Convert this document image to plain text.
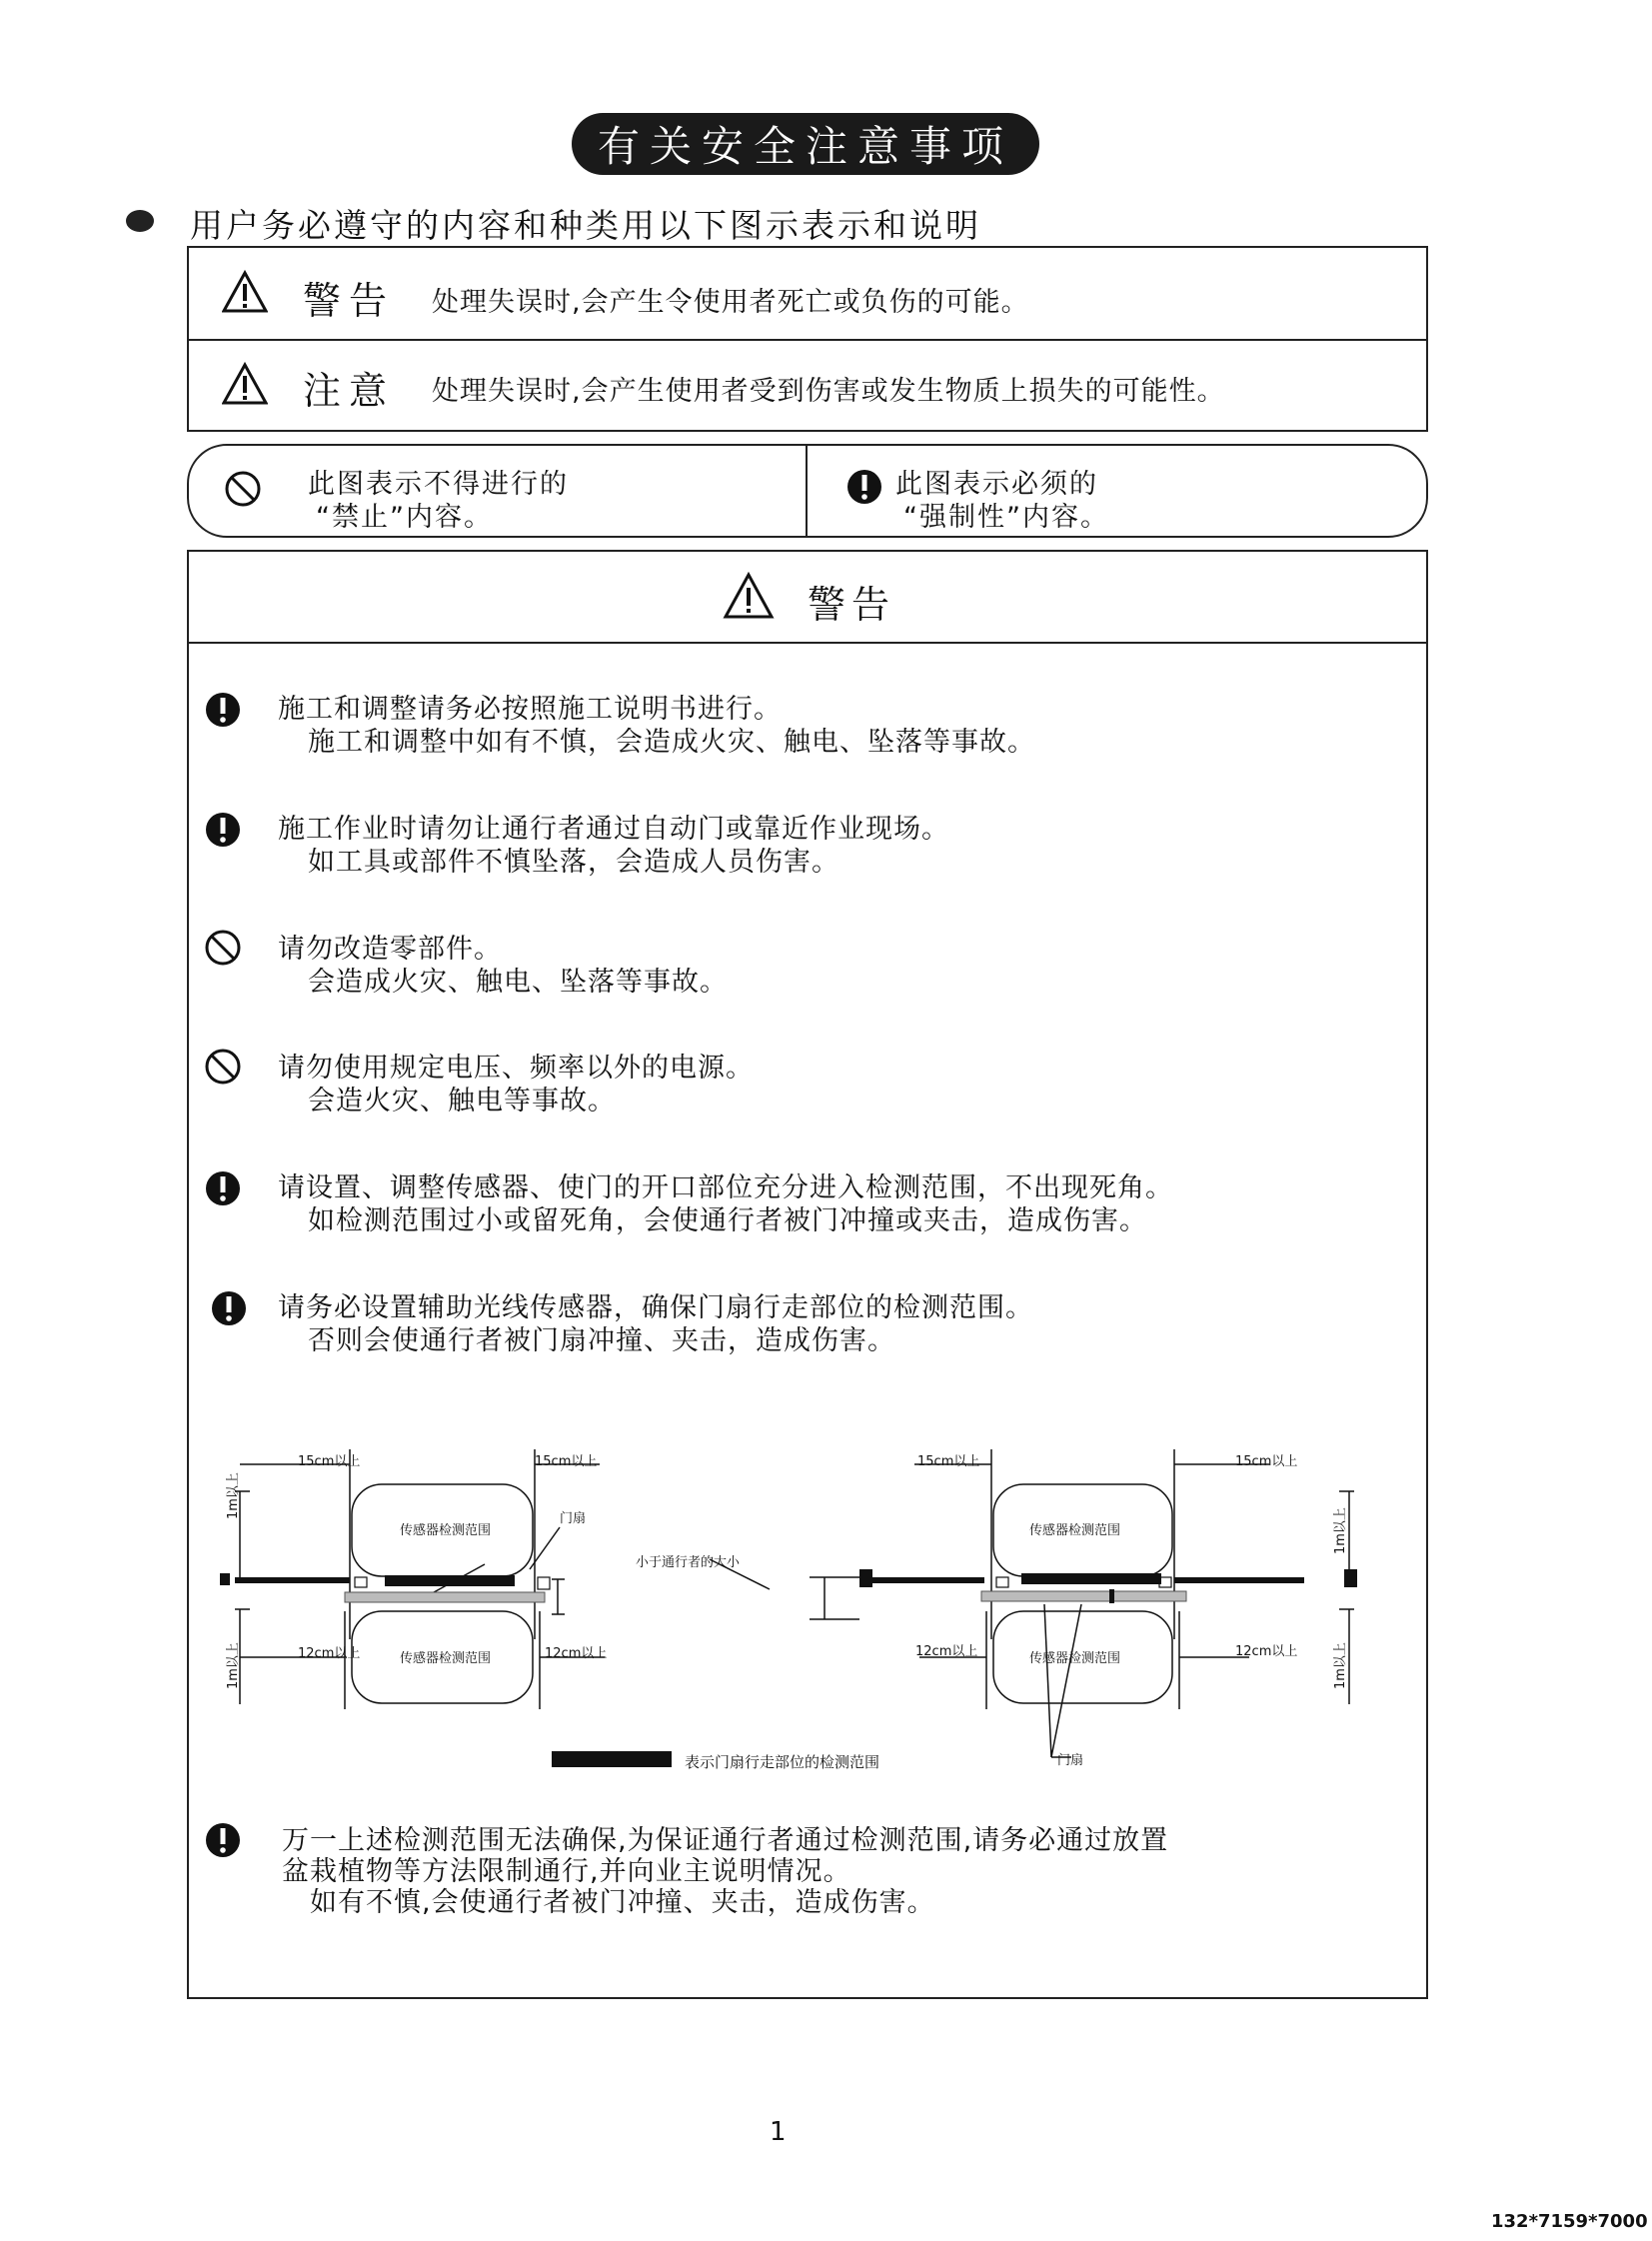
有关安全注意事项
用户务必遵守的内容和种类用以下图示表示和说明
警告 处理失误时,会产生令使用者死亡或负伤的可能。
注意 处理失误时,会产生使用者受到伤害或发生物质上损失的可能性。
此图表示不得进行的
“禁止”内容。
此图表示必须的
“强制性”内容。
警告
施工和调整请务必按照施工说明书进行。
施工和调整中如有不慎，会造成火灾、触电、坠落等事故。
施工作业时请勿让通行者通过自动门或靠近作业现场。
如工具或部件不慎坠落，会造成人员伤害。
请勿改造零部件。
会造成火灾、触电、坠落等事故。
请勿使用规定电压、频率以外的电源。
会造火灾、触电等事故。
请设置、调整传感器、使门的开口部位充分进入检测范围，不出现死角。
如检测范围过小或留死角，会使通行者被门冲撞或夹击，造成伤害。
请务必设置辅助光线传感器，确保门扇行走部位的检测范围。
否则会使通行者被门扇冲撞、夹击，造成伤害。
15cm以上	15cm以上	15cm以上	15cm以上
12cm以上	12cm以上	12cm以上	12cm以上
1m以上
1m以上
1m以上
1m以上
传感器检测范围
传感器检测范围
传感器检测范围
传感器检测范围
门扇
门扇
小于通行者的大小
表示门扇行走部位的检测范围
万一上述检测范围无法确保,为保证通行者通过检测范围,请务必通过放置
盆栽植物等方法限制通行,并向业主说明情况。
如有不慎,会使通行者被门冲撞、夹击，造成伤害。
1
132*7159*7000
